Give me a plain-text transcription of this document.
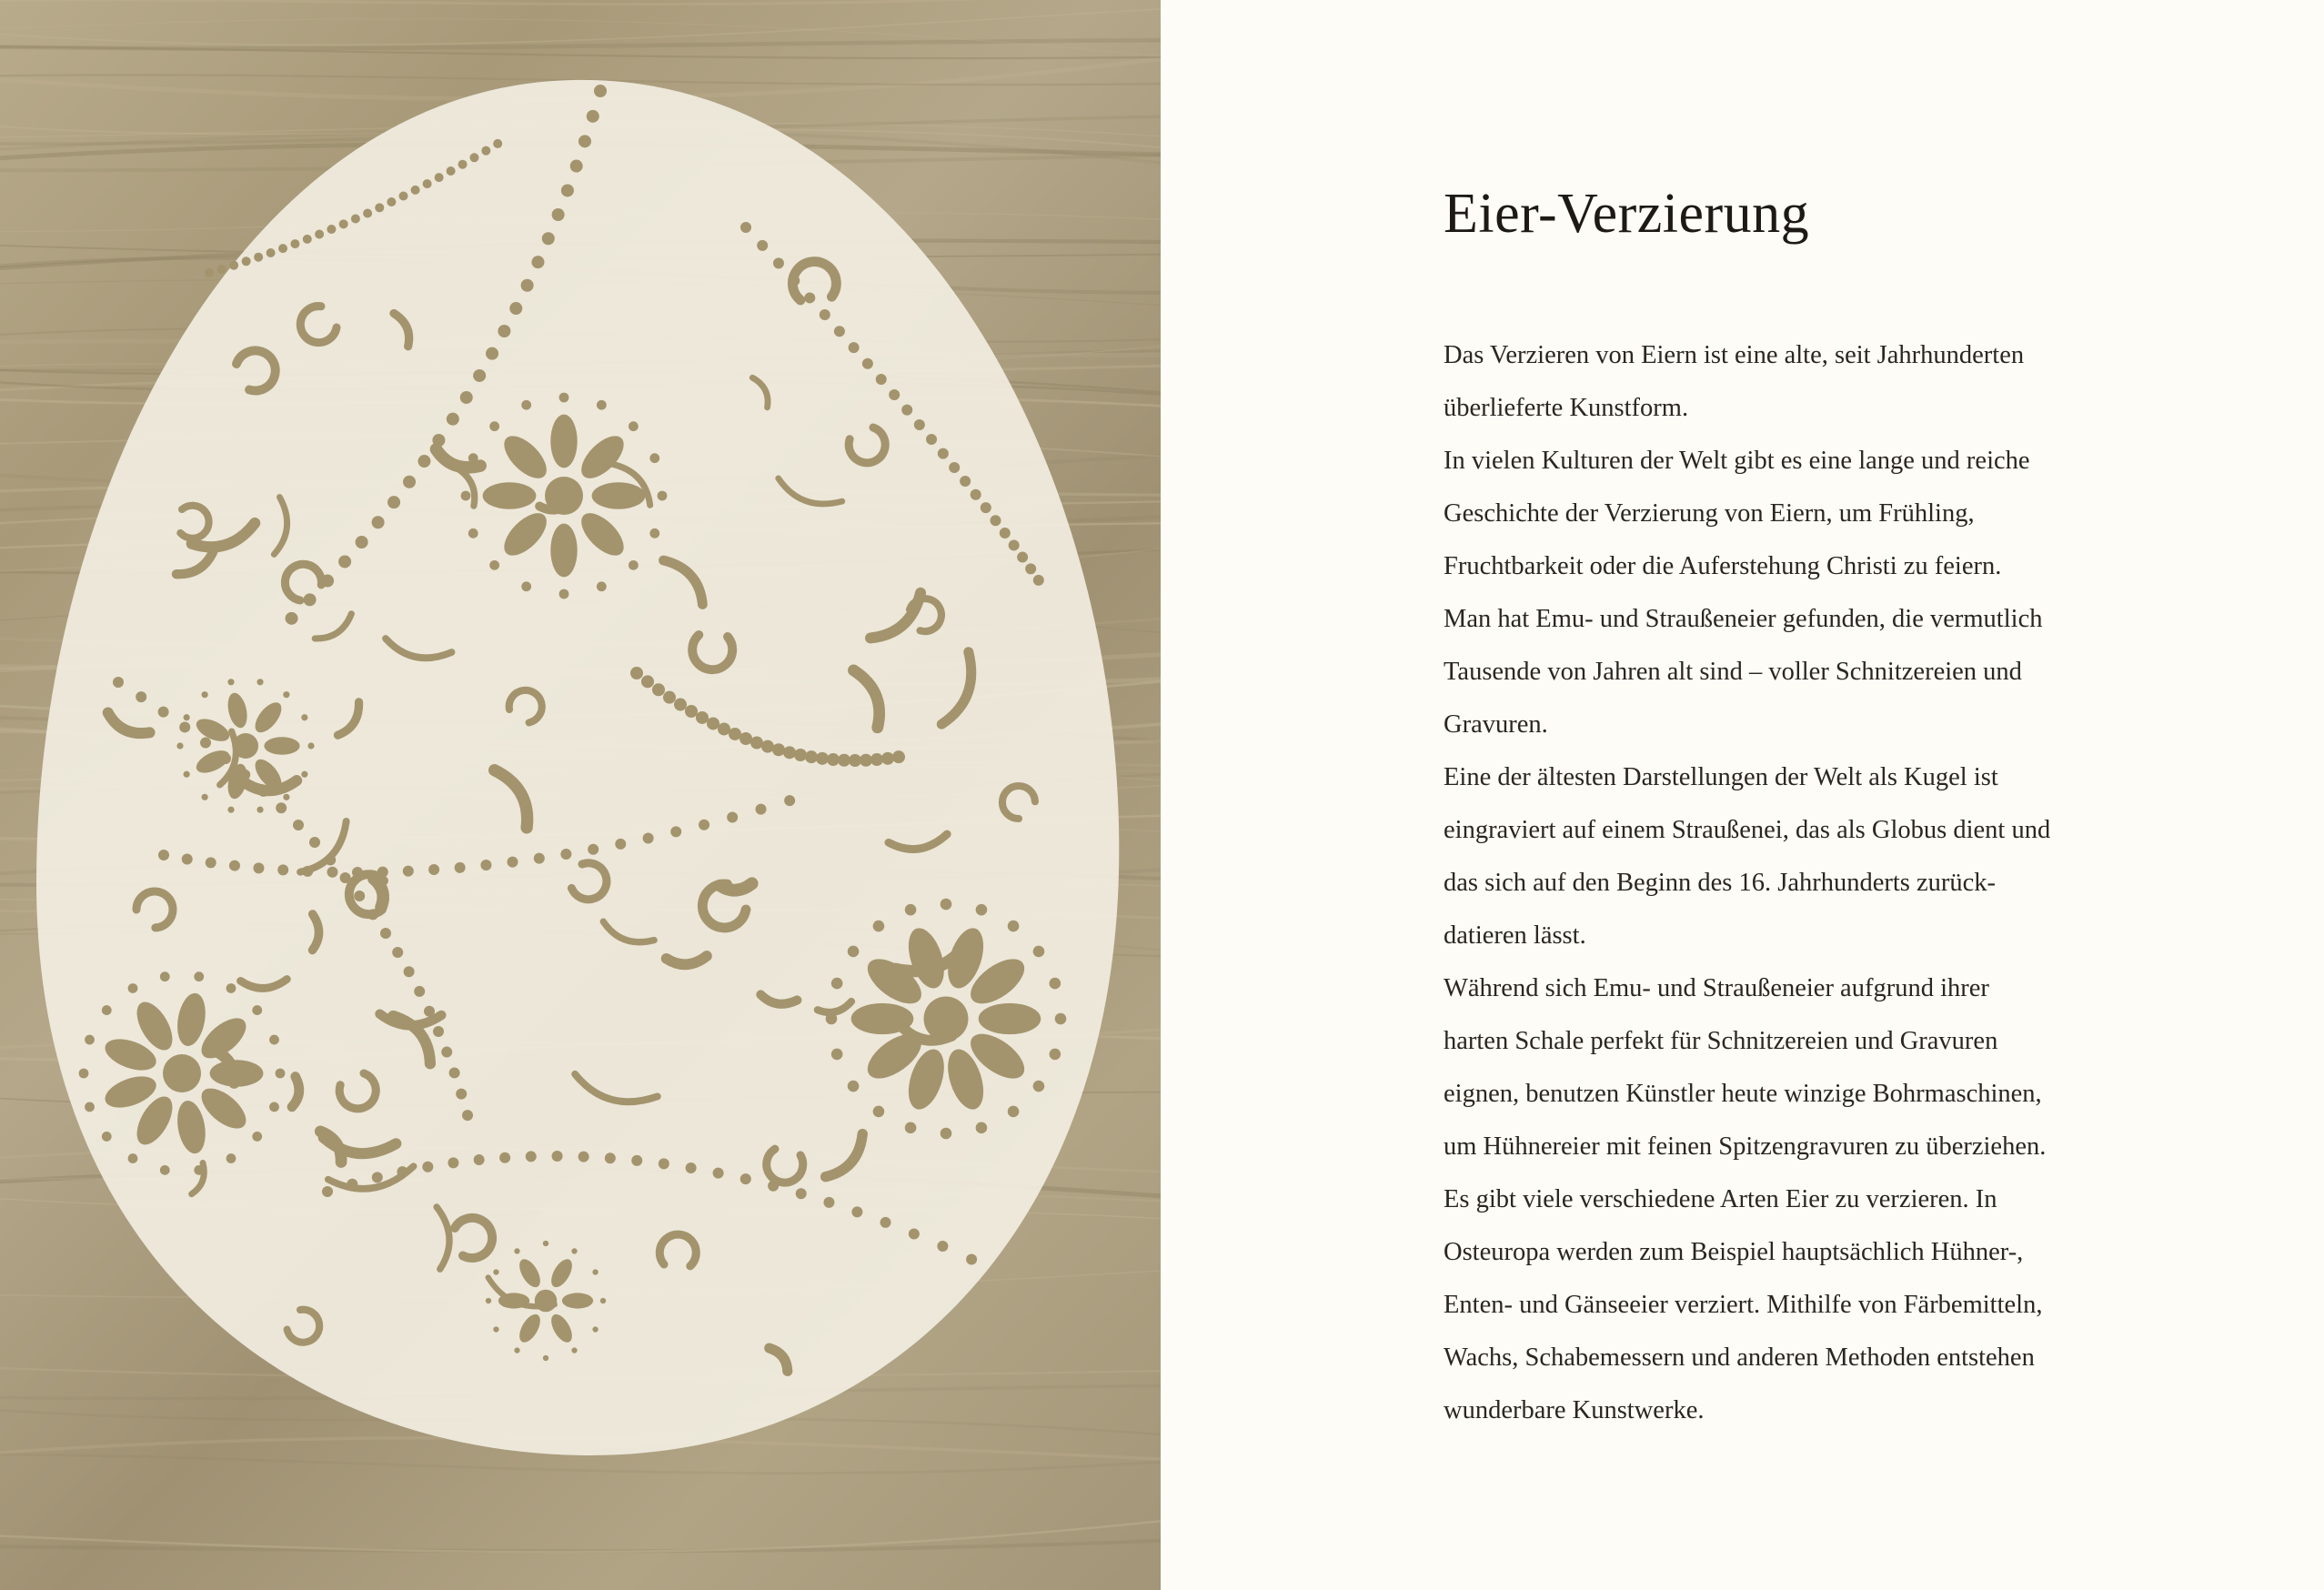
Eier-Verzierung

Das Verzieren von Eiern ist eine alte, seit Jahrhunderten

überlieferte Kunstform.

In vielen Kulturen der Welt gibt es eine lange und reiche

Geschichte der Verzierung von Eiern, um Frühling,

Fruchtbarkeit oder die Auferstehung Christi zu feiern.

Man hat Emu- und Straußeneier gefunden, die vermutlich

Tausende von Jahren alt sind – voller Schnitzereien und

Gravuren.

Eine der ältesten Darstellungen der Welt als Kugel ist

eingraviert auf einem Straußenei, das als Globus dient und

das sich auf den Beginn des 16. Jahrhunderts zurück-

datieren lässt.

Während sich Emu- und Straußeneier aufgrund ihrer

harten Schale perfekt für Schnitzereien und Gravuren

eignen, benutzen Künstler heute winzige Bohrmaschinen,

um Hühnereier mit feinen Spitzengravuren zu überziehen.

Es gibt viele verschiedene Arten Eier zu verzieren. In

Osteuropa werden zum Beispiel hauptsächlich Hühner-,

Enten- und Gänseeier verziert. Mithilfe von Färbemitteln,

Wachs, Schabemessern und anderen Methoden entstehen

wunderbare Kunstwerke.
